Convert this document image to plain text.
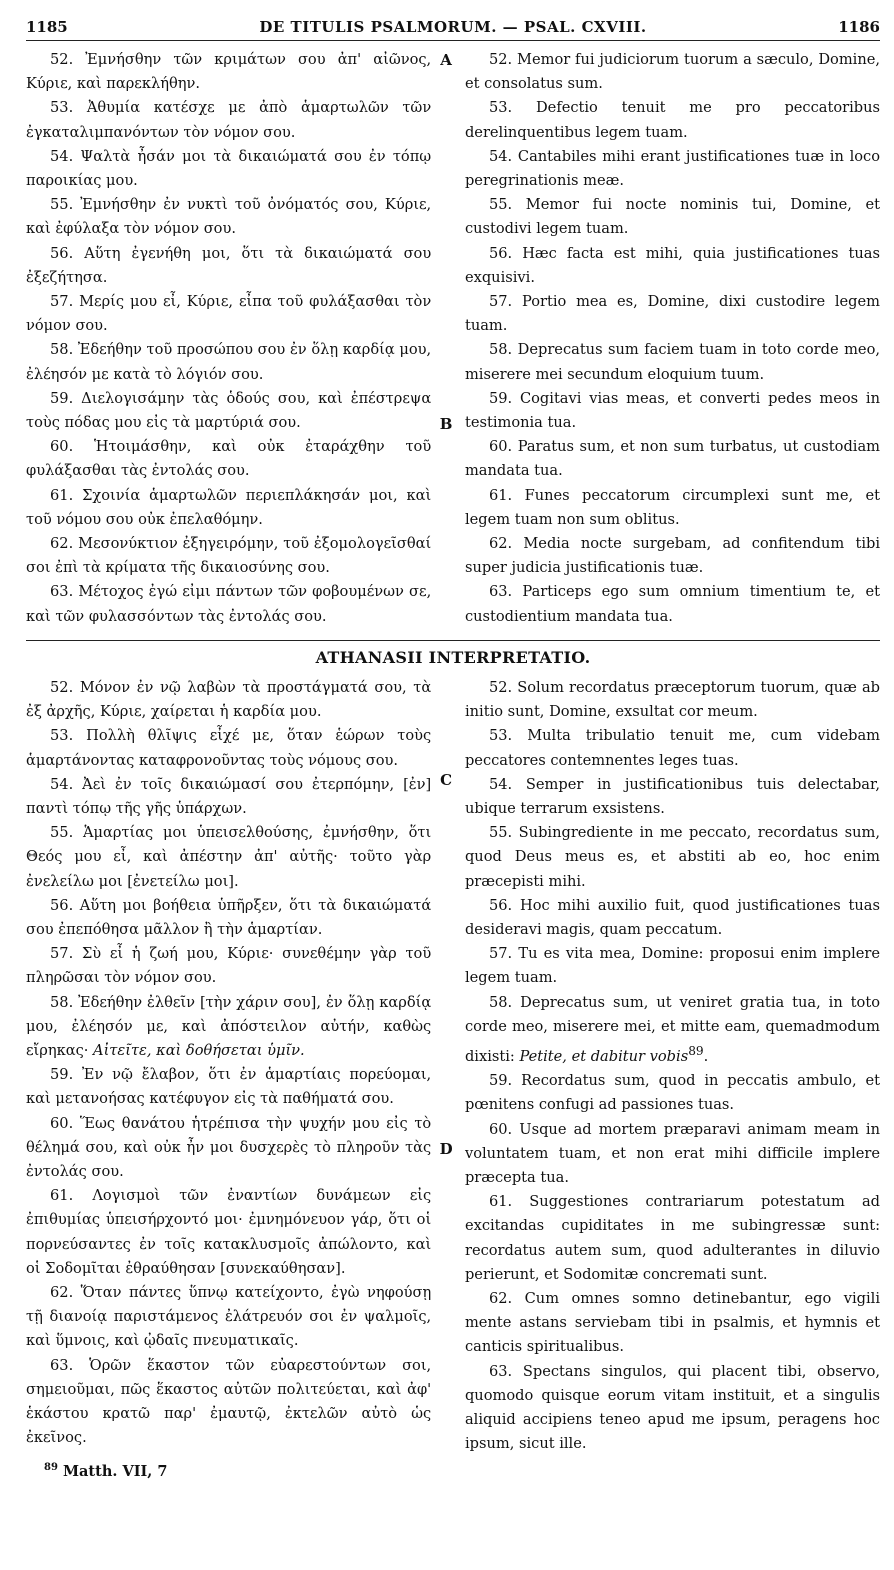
1185	DE TITULIS PSALMORUM. — PSAL. CXVIII.	1186

52. Ἐμνήσθην τῶν κριμάτων σου ἀπ' αἰῶνος, Κύριε, καὶ παρεκλήθην.

53. Ἀθυμία κατέσχε με ἀπὸ ἁμαρτωλῶν τῶν ἐγκαταλιμπανόντων τὸν νόμον σου.

54. Ψαλτὰ ἦσάν μοι τὰ δικαιώματά σου ἐν τόπῳ παροικίας μου.

55. Ἐμνήσθην ἐν νυκτὶ τοῦ ὀνόματός σου, Κύριε, καὶ ἐφύλαξα τὸν νόμον σου.

56. Αὕτη ἐγενήθη μοι, ὅτι τὰ δικαιώματά σου ἐξεζήτησα.

57. Μερίς μου εἶ, Κύριε, εἶπα τοῦ φυλάξασθαι τὸν νόμον σου.

58. Ἐδεήθην τοῦ προσώπου σου ἐν ὅλῃ καρδίᾳ μου, ἐλέησόν με κατὰ τὸ λόγιόν σου.

59. Διελογισάμην τὰς ὁδούς σου, καὶ ἐπέστρεψα τοὺς πόδας μου εἰς τὰ μαρτύριά σου.

60. Ἡτοιμάσθην, καὶ οὐκ ἐταράχθην τοῦ φυλάξασθαι τὰς ἐντολάς σου.

61. Σχοινία ἁμαρτωλῶν περιεπλάκησάν μοι, καὶ τοῦ νόμου σου οὐκ ἐπελαθόμην.

62. Μεσονύκτιον ἐξηγειρόμην, τοῦ ἐξομολογεῖσθαί σοι ἐπὶ τὰ κρίματα τῆς δικαιοσύνης σου.

63. Μέτοχος ἐγώ εἰμι πάντων τῶν φοβουμένων σε, καὶ τῶν φυλασσόντων τὰς ἐντολάς σου.

A
B

52. Memor fui judiciorum tuorum a sæculo, Domine, et consolatus sum.

53. Defectio tenuit me pro peccatoribus derelinquentibus legem tuam.

54. Cantabiles mihi erant justificationes tuæ in loco peregrinationis meæ.

55. Memor fui nocte nominis tui, Domine, et custodivi legem tuam.

56. Hæc facta est mihi, quia justificationes tuas exquisivi.

57. Portio mea es, Domine, dixi custodire legem tuam.

58. Deprecatus sum faciem tuam in toto corde meo, miserere mei secundum eloquium tuum.

59. Cogitavi vias meas, et converti pedes meos in testimonia tua.

60. Paratus sum, et non sum turbatus, ut custodiam mandata tua.

61. Funes peccatorum circumplexi sunt me, et legem tuam non sum oblitus.

62. Media nocte surgebam, ad confitendum tibi super judicia justificationis tuæ.

63. Particeps ego sum omnium timentium te, et custodientium mandata tua.

ATHANASII INTERPRETATIO.

52. Μόνον ἐν νῷ λαβὼν τὰ προστάγματά σου, τὰ ἐξ ἀρχῆς, Κύριε, χαίρεται ἡ καρδία μου.

53. Πολλὴ θλῖψις εἶχέ με, ὅταν ἑώρων τοὺς ἁμαρτάνοντας καταφρονοῦντας τοὺς νόμους σου.

54. Ἀεὶ ἐν τοῖς δικαιώμασί σου ἐτερπόμην, [ἐν] παντὶ τόπῳ τῆς γῆς ὑπάρχων.

55. Ἁμαρτίας μοι ὑπεισελθούσης, ἐμνήσθην, ὅτι Θεός μου εἶ, καὶ ἀπέστην ἀπ' αὐτῆς· τοῦτο γὰρ ἐνελείλω μοι [ἐνετείλω μοι].

56. Αὕτη μοι βοήθεια ὑπῆρξεν, ὅτι τὰ δικαιώματά σου ἐπεπόθησα μᾶλλον ἢ τὴν ἁμαρτίαν.

57. Σὺ εἶ ἡ ζωή μου, Κύριε· συνεθέμην γὰρ τοῦ πληρῶσαι τὸν νόμον σου.

58. Ἐδεήθην ἐλθεῖν [τὴν χάριν σου], ἐν ὅλῃ καρδίᾳ μου, ἐλέησόν με, καὶ ἀπόστειλον αὐτήν, καθὼς εἴρηκας· Αἰτεῖτε, καὶ δοθήσεται ὑμῖν.

59. Ἐν νῷ ἔλαβον, ὅτι ἐν ἁμαρτίαις πορεύομαι, καὶ μετανοήσας κατέφυγον εἰς τὰ παθήματά σου.

60. Ἕως θανάτου ἡτρέπισα τὴν ψυχήν μου εἰς τὸ θέλημά σου, καὶ οὐκ ἦν μοι δυσχερὲς τὸ πληροῦν τὰς ἐντολάς σου.

61. Λογισμοὶ τῶν ἐναντίων δυνάμεων εἰς ἐπιθυμίας ὑπεισήρχοντό μοι· ἐμνημόνευον γάρ, ὅτι οἱ πορνεύσαντες ἐν τοῖς κατακλυσμοῖς ἀπώλοντο, καὶ οἱ Σοδομῖται ἐθραύθησαν [συνεκαύθησαν].

62. Ὅταν πάντες ὕπνῳ κατείχοντο, ἐγὼ νηφούσῃ τῇ διανοίᾳ παριστάμενος ἐλάτρευόν σοι ἐν ψαλμοῖς, καὶ ὕμνοις, καὶ ᾠδαῖς πνευματικαῖς.

63. Ὁρῶν ἕκαστον τῶν εὐαρεστούντων σοι, σημειοῦμαι, πῶς ἕκαστος αὐτῶν πολιτεύεται, καὶ ἀφ' ἑκάστου κρατῶ παρ' ἐμαυτῷ, ἐκτελῶν αὐτὸ ὡς ἐκεῖνος.

C
D

52. Solum recordatus præceptorum tuorum, quæ ab initio sunt, Domine, exsultat cor meum.

53. Multa tribulatio tenuit me, cum videbam peccatores contemnentes leges tuas.

54. Semper in justificationibus tuis delectabar, ubique terrarum exsistens.

55. Subingrediente in me peccato, recordatus sum, quod Deus meus es, et abstiti ab eo, hoc enim præcepisti mihi.

56. Hoc mihi auxilio fuit, quod justificationes tuas desideravi magis, quam peccatum.

57. Tu es vita mea, Domine: proposui enim implere legem tuam.

58. Deprecatus sum, ut veniret gratia tua, in toto corde meo, miserere mei, et mitte eam, quemadmodum dixisti: Petite, et dabitur vobis$^{89}$.

59. Recordatus sum, quod in peccatis ambulo, et pœnitens confugi ad passiones tuas.

60. Usque ad mortem præparavi animam meam in voluntatem tuam, et non erat mihi difficile implere præcepta tua.

61. Suggestiones contrariarum potestatum ad excitandas cupiditates in me subingressæ sunt: recordatus autem sum, quod adulterantes in diluvio perierunt, et Sodomitæ concremati sunt.

62. Cum omnes somno detinebantur, ego vigili mente astans serviebam tibi in psalmis, et hymnis et canticis spiritualibus.

63. Spectans singulos, qui placent tibi, observo, quomodo quisque eorum vitam instituit, et a singulis aliquid accipiens teneo apud me ipsum, peragens hoc ipsum, sicut ille.

$^{89}$ Matth. VII, 7
